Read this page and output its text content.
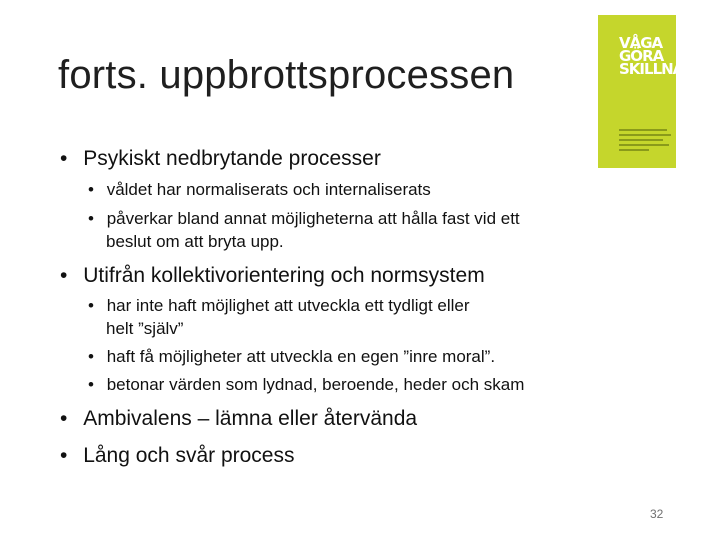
forts. uppbrottsprocessen
VÅGA
GÖRA
SKILLNAD
• Psykiskt nedbrytande processer
• våldet har normaliserats och internaliserats
• påverkar bland annat möjligheterna att hålla fast vid ett
beslut om att bryta upp.
• Utifrån kollektivorientering och normsystem
• har inte haft möjlighet att utveckla ett tydligt eller
helt ”själv”
• haft få möjligheter att utveckla en egen ”inre moral”.
• betonar värden som lydnad, beroende, heder och skam
• Ambivalens – lämna eller återvända
• Lång och svår process
32
